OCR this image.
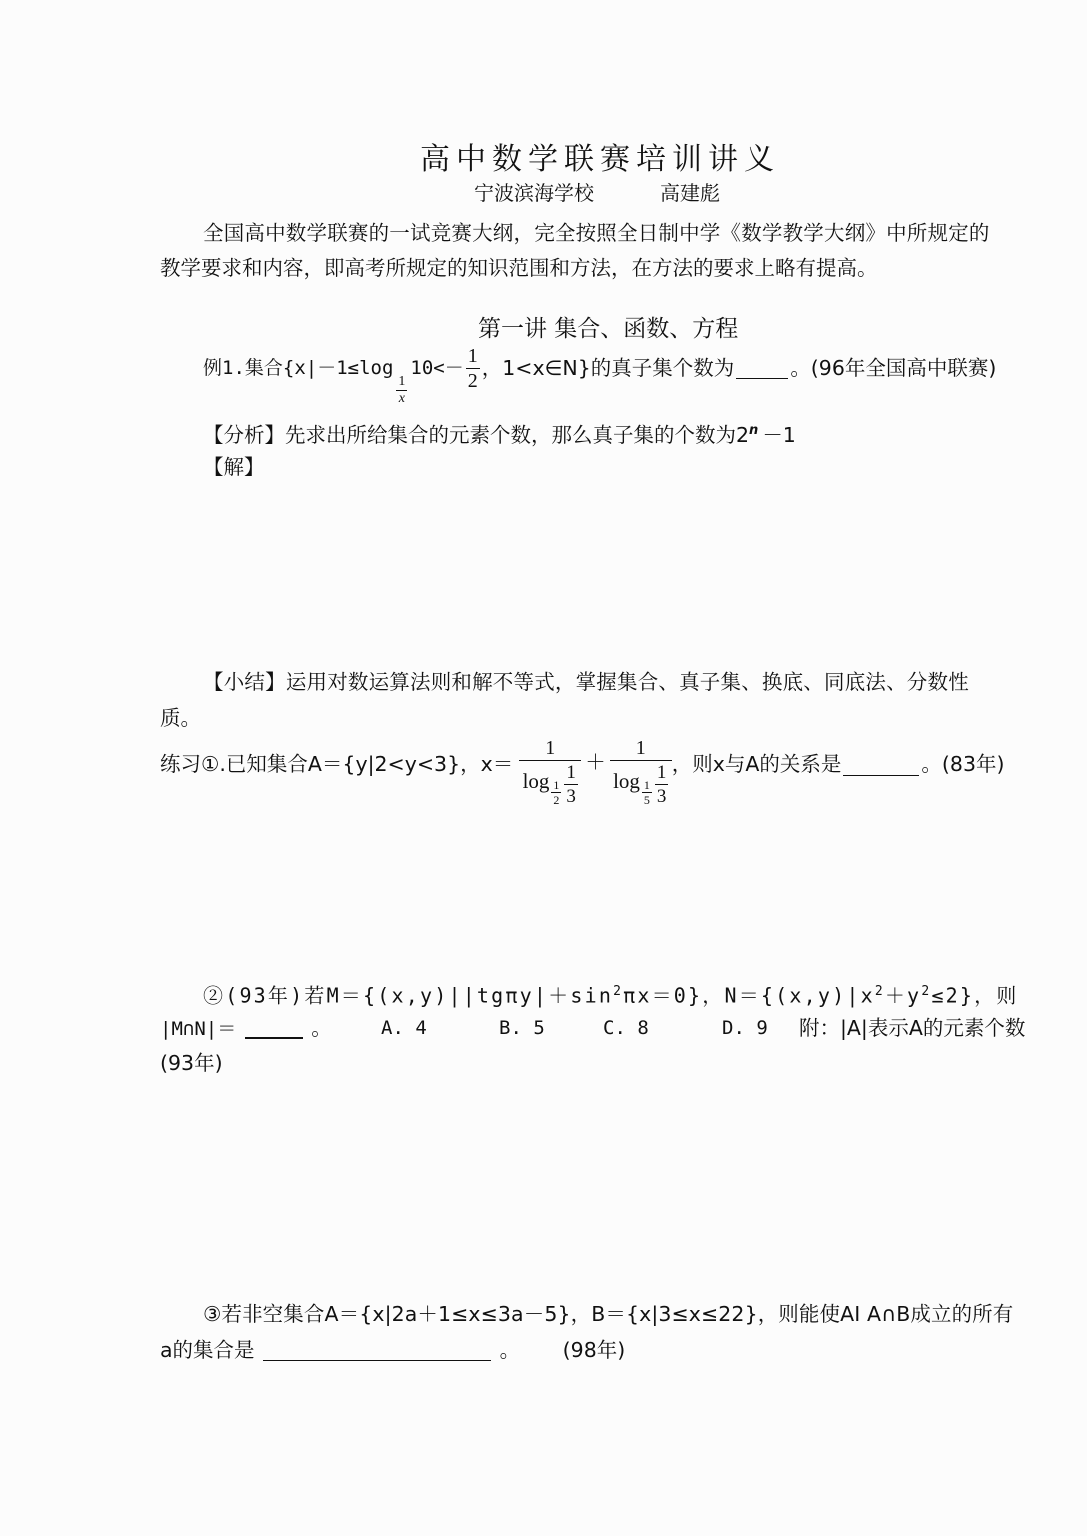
高中数学联赛培训讲义
宁波滨海学校	高建彪
全国高中数学联赛的一试竞赛大纲，完全按照全日制中学《数学教学大纲》中所规定的
教学要求和内容，即高考所规定的知识范围和方法，在方法的要求上略有提高。
第一讲 集合、函数、方程
例1.集合{x|－1≤log
$\frac{1}{x}$
$10<- \frac{1}{2}$ ，1<x∈N}的真子集个数为	。(96年全国高中联赛)
【分析】先求出所给集合的元素个数，那么真子集的个数为$2^n -1$
【解】
【小结】运用对数运算法则和解不等式，掌握集合、真子集、换底、同底法、分数性
质。
练习①.已知集合A＝{y|2<y<3}，x＝
1
$\log \frac{1}{2} \frac{1}{3}$
＋
1
$\log \frac{1}{5} \frac{1}{3}$ ，则x与A的关系是	。(83年)
②(93年)若$M=\{(x,y)||tg\pi y|+\sin^2\pi x=0\}$，$N=\{(x,y)|x^2+y^2\le 2\}$，则
|M∩N|＝	。	A. 4	B. 5	C. 8	D. 9 附：|A|表示A的元素个数
(93年)
③若非空集合A＝{x|2a＋1≤x≤3a－5}，B＝{x|3≤x≤22}，则能使AI A∩B成立的所有
a的集合是	。 (98年)
